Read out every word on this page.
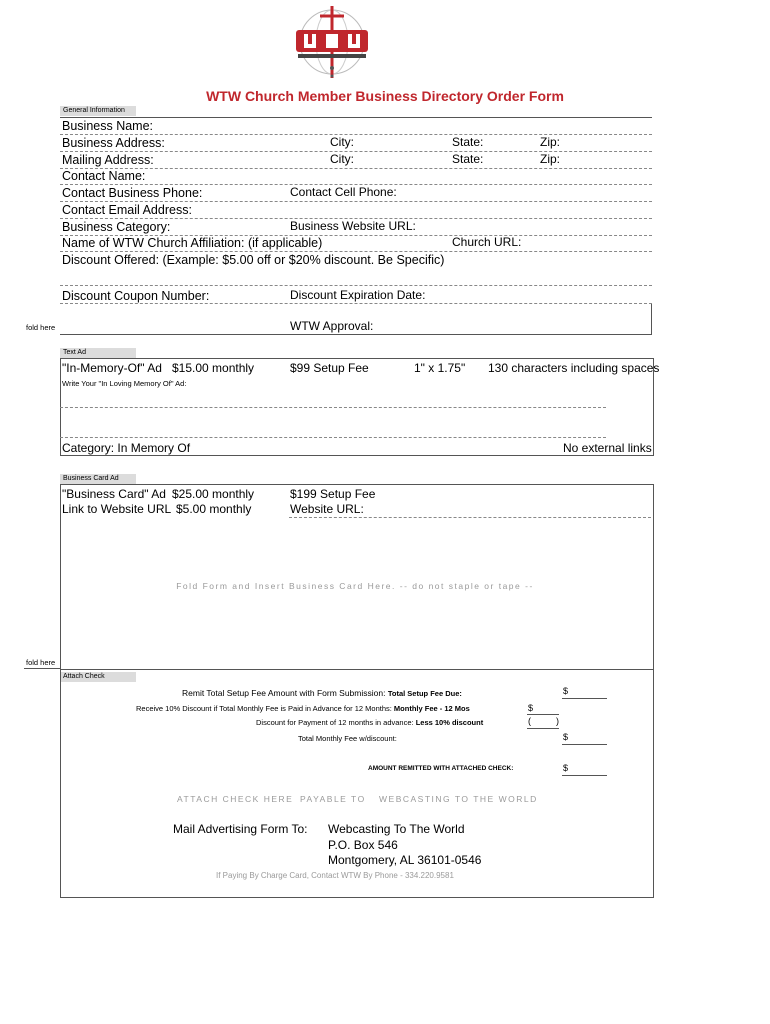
WTW Church Member Business Directory Order Form
General Information
Business Name:
Business Address:	City:	State:	Zip:
Mailing Address:	City:	State:	Zip:
Contact Name:
Contact Business Phone:	Contact Cell Phone:
Contact Email Address:
Business Category:	Business Website URL:
Name of WTW Church Affiliation: (if applicable)	Church URL:
Discount Offered: (Example: $5.00 off or $20% discount. Be Specific)
Discount Coupon Number:	Discount Expiration Date:
WTW Approval:
fold here
Text Ad
"In-Memory-Of" Ad $15.00 monthly	$99 Setup Fee	1" x 1.75" 130 characters including spaces
Write Your "In Loving Memory Of" Ad:
Category: In Memory Of	No external links
Business Card Ad
"Business Card" Ad $25.00 monthly	$199 Setup Fee
Link to Website URL $5.00 monthly	Website URL:
Fold Form and Insert Business Card Here. -- do not staple or tape --
fold here
Attach Check
Remit Total Setup Fee Amount with Form Submission: Total Setup Fee Due:	$
Receive 10% Discount if Total Monthly Fee is Paid in Advance for 12 Months: Monthly Fee - 12 Mos	$
Discount for Payment of 12 months in advance: Less 10% discount	(	)
Total Monthly Fee w/discount:	$
AMOUNT REMITTED WITH ATTACHED CHECK:	$
ATTACH CHECK HERE PAYABLE TO WEBCASTING TO THE WORLD
Mail Advertising Form To: Webcasting To The World
P.O. Box 546
Montgomery, AL 36101-0546
If Paying By Charge Card, Contact WTW By Phone - 334.220.9581
